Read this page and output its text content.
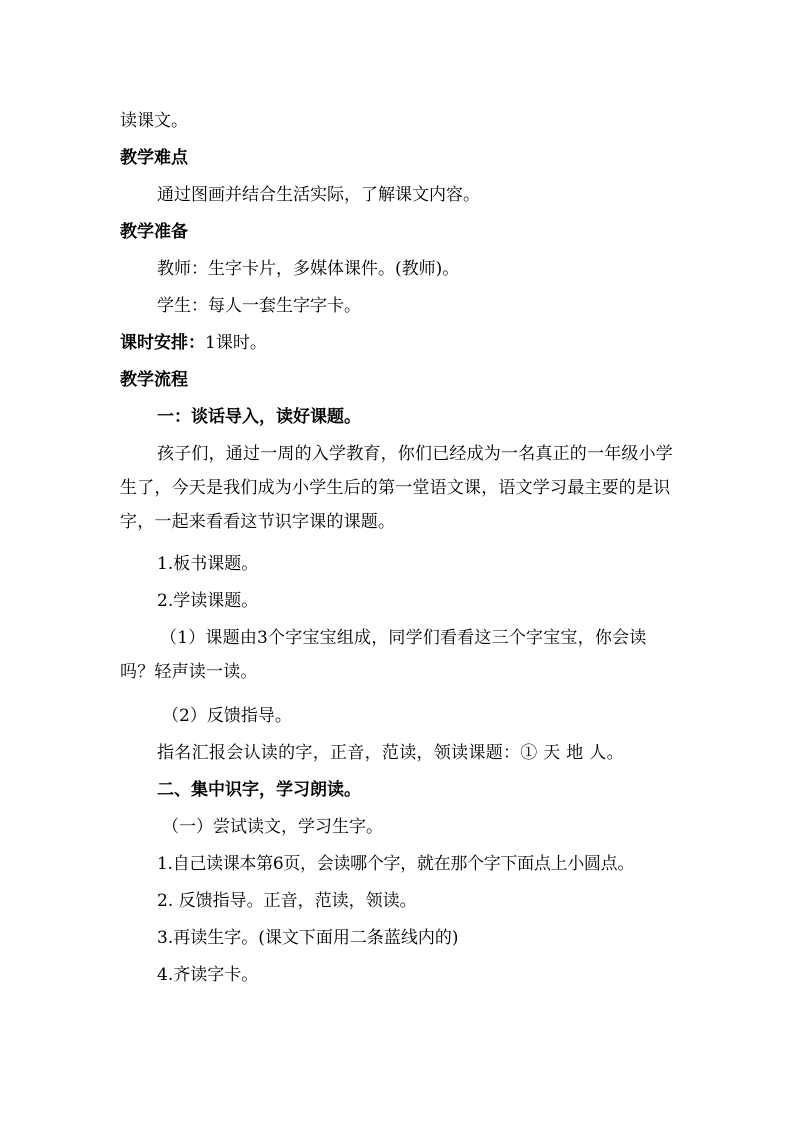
读课文。
教学难点
通过图画并结合生活实际，了解课文内容。
教学准备
教师：生字卡片，多媒体课件。(教师)。
学生：每人一套生字字卡。
课时安排：1课时。
教学流程
一：谈话导入，读好课题。
孩子们，通过一周的入学教育，你们已经成为一名真正的一年级小学生了，今天是我们成为小学生后的第一堂语文课，语文学习最主要的是识字，一起来看看这节识字课的课题。
1.板书课题。
2.学读课题。
（1）课题由3个字宝宝组成，同学们看看这三个字宝宝，你会读吗？轻声读一读。
（2）反馈指导。
指名汇报会认读的字，正音，范读，领读课题：① 天 地 人。
二、集中识字，学习朗读。
（一）尝试读文，学习生字。
1.自己读课本第6页，会读哪个字，就在那个字下面点上小圆点。
2. 反馈指导。正音，范读，领读。
3.再读生字。(课文下面用二条蓝线内的)
4.齐读字卡。
